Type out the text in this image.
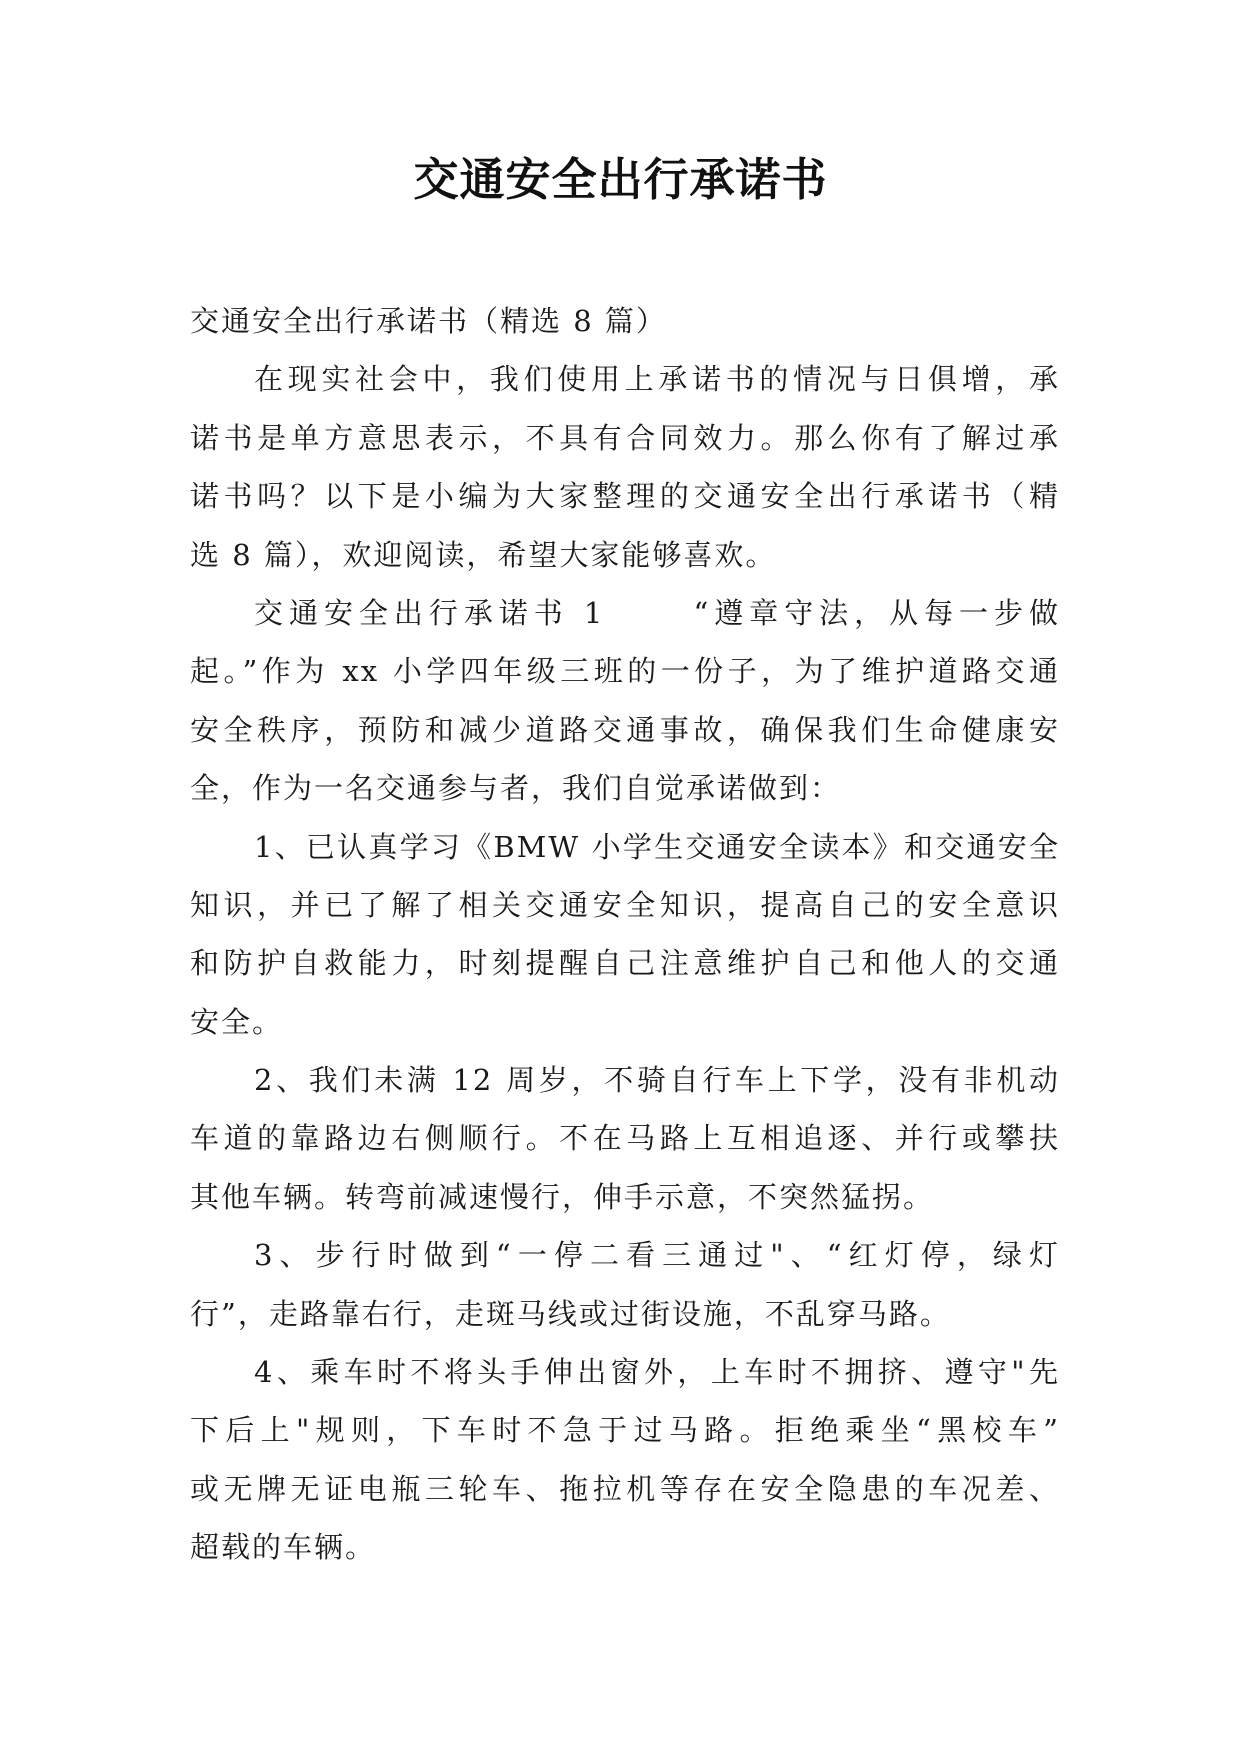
交通安全出行承诺书
交通安全出行承诺书（精选 8 篇）
在现实社会中，我们使用上承诺书的情况与日俱增，承
诺书是单方意思表示，不具有合同效力。那么你有了解过承
诺书吗？以下是小编为大家整理的交通安全出行承诺书（精
选 8 篇），欢迎阅读，希望大家能够喜欢。
交通安全出行承诺书 1　　 “遵章守法，从每一步做
起。”作为 xx 小学四年级三班的一份子，为了维护道路交通
安全秩序，预防和减少道路交通事故，确保我们生命健康安
全，作为一名交通参与者，我们自觉承诺做到：
1、已认真学习《BMW 小学生交通安全读本》和交通安全
知识，并已了解了相关交通安全知识，提高自己的安全意识
和防护自救能力，时刻提醒自己注意维护自己和他人的交通
安全。
2、我们未满 12 周岁，不骑自行车上下学，没有非机动
车道的靠路边右侧顺行。不在马路上互相追逐、并行或攀扶
其他车辆。转弯前减速慢行，伸手示意，不突然猛拐。
3、步行时做到“一停二看三通过"、“红灯停，绿灯
行”，走路靠右行，走斑马线或过街设施，不乱穿马路。
4、乘车时不将头手伸出窗外，上车时不拥挤、遵守"先
下后上"规则，下车时不急于过马路。拒绝乘坐“黑校车”
或无牌无证电瓶三轮车、拖拉机等存在安全隐患的车况差、
超载的车辆。
